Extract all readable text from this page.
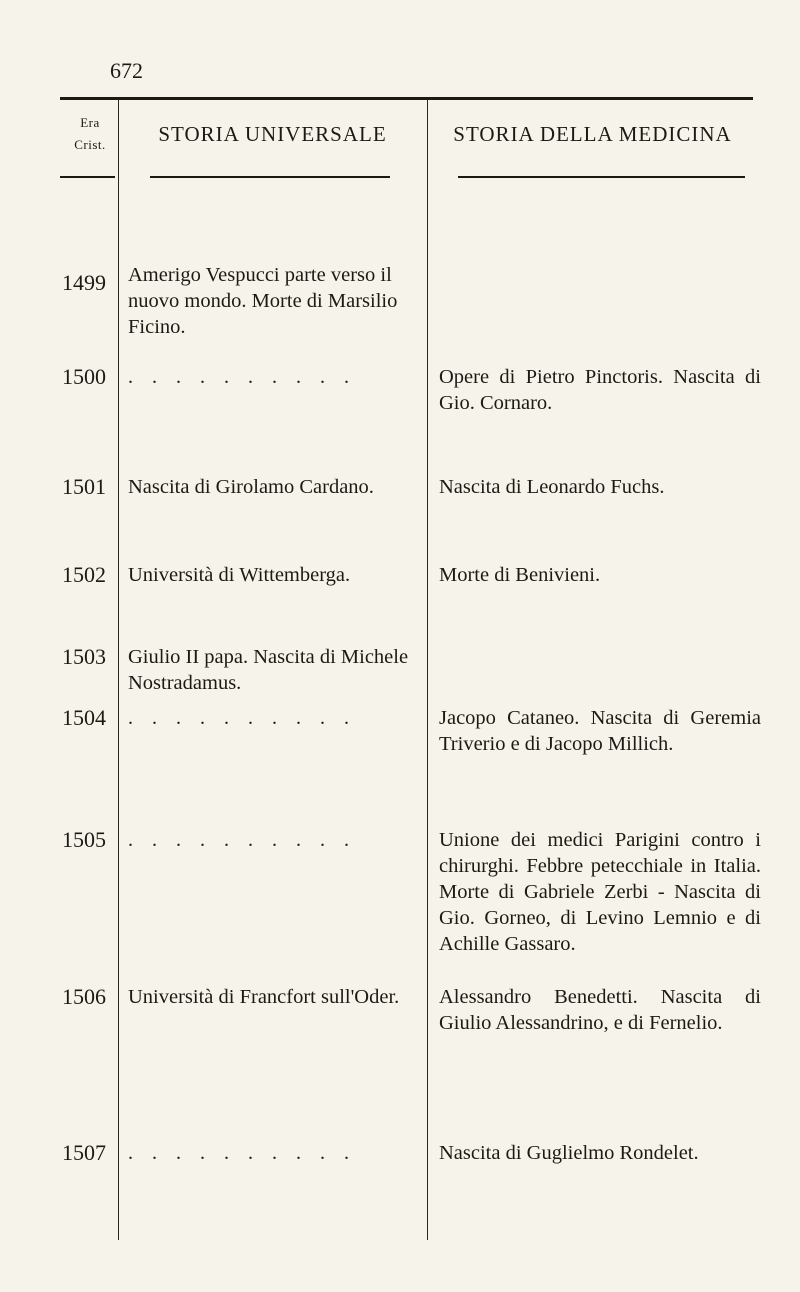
672
Era
Crist.	STORIA UNIVERSALE	STORIA DELLA MEDICINA
1499	Amerigo Vespucci parte verso il nuovo mondo. Morte di Marsilio Ficino.
1500	. . . . . . . . . .	Opere di Pietro Pinctoris. Nascita di Gio. Cornaro.
1501	Nascita di Girolamo Cardano.	Nascita di Leonardo Fuchs.
1502	Università di Wittemberga.	Morte di Benivieni.
1503	Giulio II papa. Nascita di Michele Nostradamus.
1504	. . . . . . . . . .	Jacopo Cataneo. Nascita di Geremia Triverio e di Jacopo Millich.
1505	. . . . . . . . . .	Unione dei medici Parigini contro i chirurghi. Febbre petecchiale in Italia. Morte di Gabriele Zerbi - Nascita di Gio. Gorneo, di Levino Lemnio e di Achille Gassaro.
1506	Università di Francfort sull'Oder.	Alessandro Benedetti. Nascita di Giulio Alessandrino, e di Fernelio.
1507	. . . . . . . . . .	Nascita di Guglielmo Rondelet.
